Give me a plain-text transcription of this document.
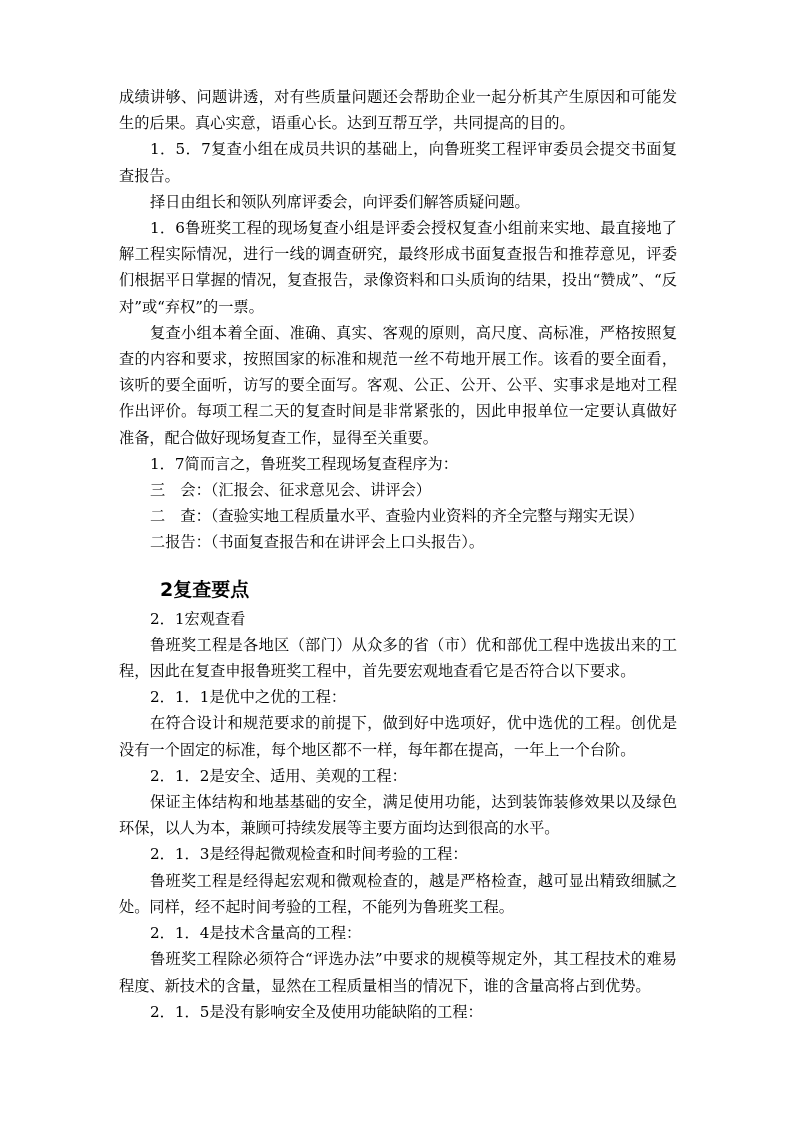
成绩讲够、问题讲透，对有些质量问题还会帮助企业一起分析其产生原因和可能发生的后果。真心实意，语重心长。达到互帮互学，共同提高的目的。

1．5．7复查小组在成员共识的基础上，向鲁班奖工程评审委员会提交书面复查报告。

择日由组长和领队列席评委会，向评委们解答质疑问题。

1．6鲁班奖工程的现场复查小组是评委会授权复查小组前来实地、最直接地了解工程实际情况，进行一线的调查研究，最终形成书面复查报告和推荐意见，评委们根据平日掌握的情况，复查报告，录像资料和口头质询的结果，投出“赞成”、“反对”或“弃权”的一票。

复查小组本着全面、准确、真实、客观的原则，高尺度、高标准，严格按照复查的内容和要求，按照国家的标准和规范一丝不苟地开展工作。该看的要全面看，该听的要全面听，访写的要全面写。客观、公正、公开、公平、实事求是地对工程作出评价。每项工程二天的复查时间是非常紧张的，因此申报单位一定要认真做好准备，配合做好现场复查工作，显得至关重要。

1．7简而言之，鲁班奖工程现场复查程序为：

三　会：（汇报会、征求意见会、讲评会）

二　查：（查验实地工程质量水平、查验内业资料的齐全完整与翔实无误）

二报告：（书面复查报告和在讲评会上口头报告）。

2复查要点

2．1宏观查看

鲁班奖工程是各地区（部门）从众多的省（市）优和部优工程中选拔出来的工程，因此在复查申报鲁班奖工程中，首先要宏观地查看它是否符合以下要求。

2．1．1是优中之优的工程：

在符合设计和规范要求的前提下，做到好中选项好，优中选优的工程。创优是没有一个固定的标准，每个地区都不一样，每年都在提高，一年上一个台阶。

2．1．2是安全、适用、美观的工程：

保证主体结构和地基基础的安全，满足使用功能，达到装饰装修效果以及绿色环保，以人为本，兼顾可持续发展等主要方面均达到很高的水平。

2．1．3是经得起微观检查和时间考验的工程：

鲁班奖工程是经得起宏观和微观检查的，越是严格检查，越可显出精致细腻之处。同样，经不起时间考验的工程，不能列为鲁班奖工程。

2．1．4是技术含量高的工程：

鲁班奖工程除必须符合“评选办法”中要求的规模等规定外，其工程技术的难易程度、新技术的含量，显然在工程质量相当的情况下，谁的含量高将占到优势。

2．1．5是没有影响安全及使用功能缺陷的工程：
